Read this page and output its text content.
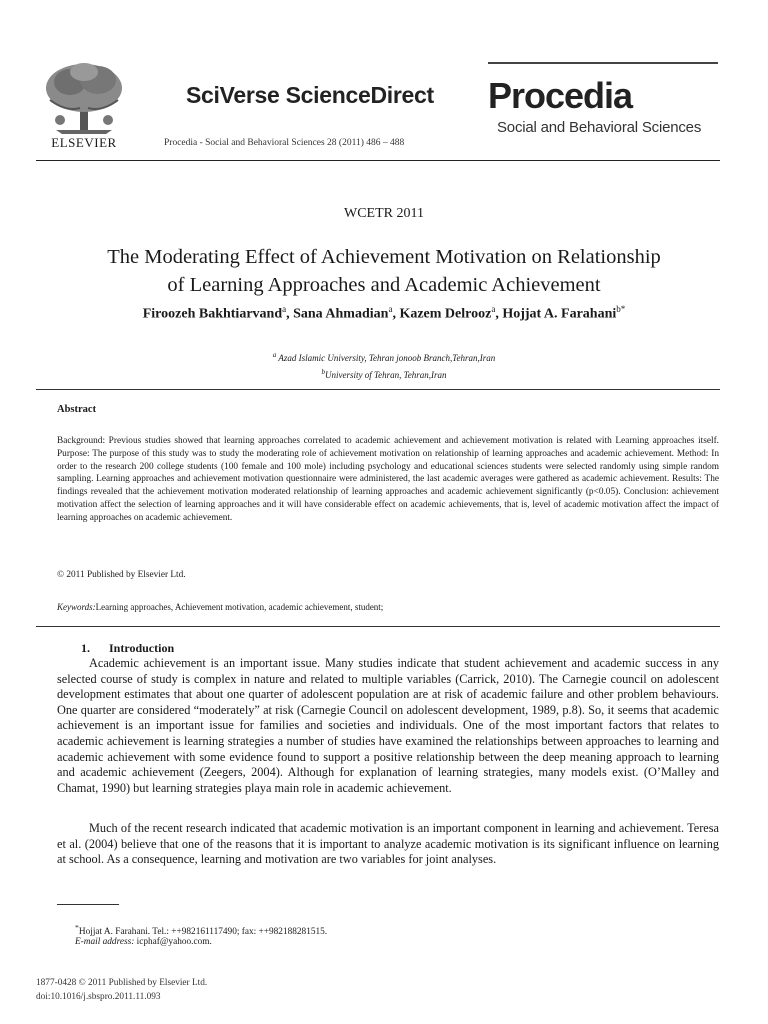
ELSEVIER
SciVerse ScienceDirect
Procedia - Social and Behavioral Sciences 28 (2011) 486 – 488
Procedia
Social and Behavioral Sciences
WCETR 2011
The Moderating Effect of Achievement Motivation on Relationship
of Learning Approaches and Academic Achievement
Firoozeh Bakhtiarvand$^a$, Sana Ahmadian$^a$, Kazem Delrooz$^a$, Hojjat A. Farahani$^{b*}$
$^a$ Azad Islamic University, Tehran jonoob Branch,Tehran,Iran
$^b$University of Tehran, Tehran,Iran
Abstract
Background: Previous studies showed that learning approaches correlated to academic achievement and achievement motivation is related with Learning approaches itself. Purpose: The purpose of this study was to study the moderating role of achievement motivation on relationship of learning approaches and academic achievement. Method: In order to the research 200 college students (100 female and 100 mole) including psychology and educational sciences students were selected randomly using simple random sampling. Learning approaches and achievement motivation questionnaire were administered, the last academic averages were gathered as academic achievement. Results: The findings revealed that the achievement motivation moderated relationship of learning approaches and academic achievement significantly (p<0.05). Conclusion: achievement motivation affect the selection of learning approaches and it will have considerable effect on academic achievements, that is, level of academic motivation affect the impact of learning approaches on academic achievement.
© 2011 Published by Elsevier Ltd.
Keywords:Learning approaches, Achievement motivation, academic achievement, student;
1. Introduction
Academic achievement is an important issue. Many studies indicate that student achievement and academic success in any selected course of study is complex in nature and related to multiple variables (Carrick, 2010). The Carnegie council on adolescent development estimates that about one quarter of adolescent population are at risk of academic failure and other problem behaviours. One quarter are considered “moderately” at risk (Carnegie Council on adolescent development, 1989, p.8). So, it seems that academic achievement is an important issue for families and societies and individuals. One of the most important factors that relates to academic achievement is learning strategies a number of studies have examined the relationships between approaches to learning and academic achievement with some evidence found to support a positive relationship between the deep meaning approach to learning and academic achievement (Zeegers, 2004). Although for explanation of learning strategies, many models exist. (O’Malley and Chamat, 1990) but learning strategies playa main role in academic achievement.
Much of the recent research indicated that academic motivation is an important component in learning and achievement. Teresa et al. (2004) believe that one of the reasons that it is important to analyze academic motivation is its significant influence on learning at school. As a consequence, learning and motivation are two variables for joint analyses.
*Hojjat A. Farahani. Tel.: ++982161117490; fax: ++982188281515.
E-mail address: icphaf@yahoo.com.
1877-0428 © 2011 Published by Elsevier Ltd.
doi:10.1016/j.sbspro.2011.11.093
